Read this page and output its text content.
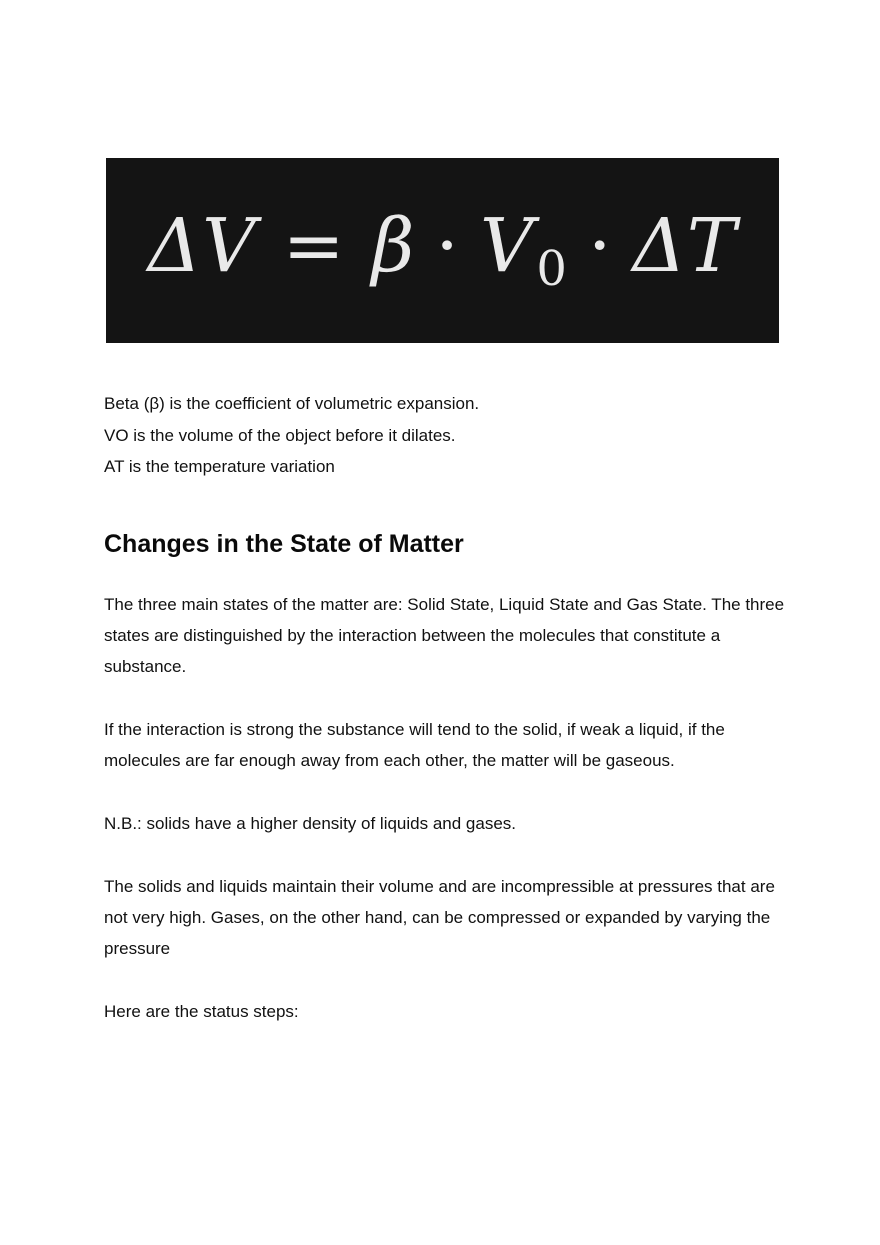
$\Delta V = \beta \cdot V_0 \cdot \Delta T$

Beta (β) is the coefficient of volumetric expansion.

VO is the volume of the object before it dilates.

AT is the temperature variation

Changes in the State of Matter

The three main states of the matter are: Solid State, Liquid State and Gas State. The three states are distinguished by the interaction between the molecules that constitute a substance.

If the interaction is strong the substance will tend to the solid, if weak a liquid, if the molecules are far enough away from each other, the matter will be gaseous.

N.B.: solids have a higher density of liquids and gases.

The solids and liquids maintain their volume and are incompressible at pressures that are not very high. Gases, on the other hand, can be compressed or expanded by varying the pressure

Here are the status steps:
